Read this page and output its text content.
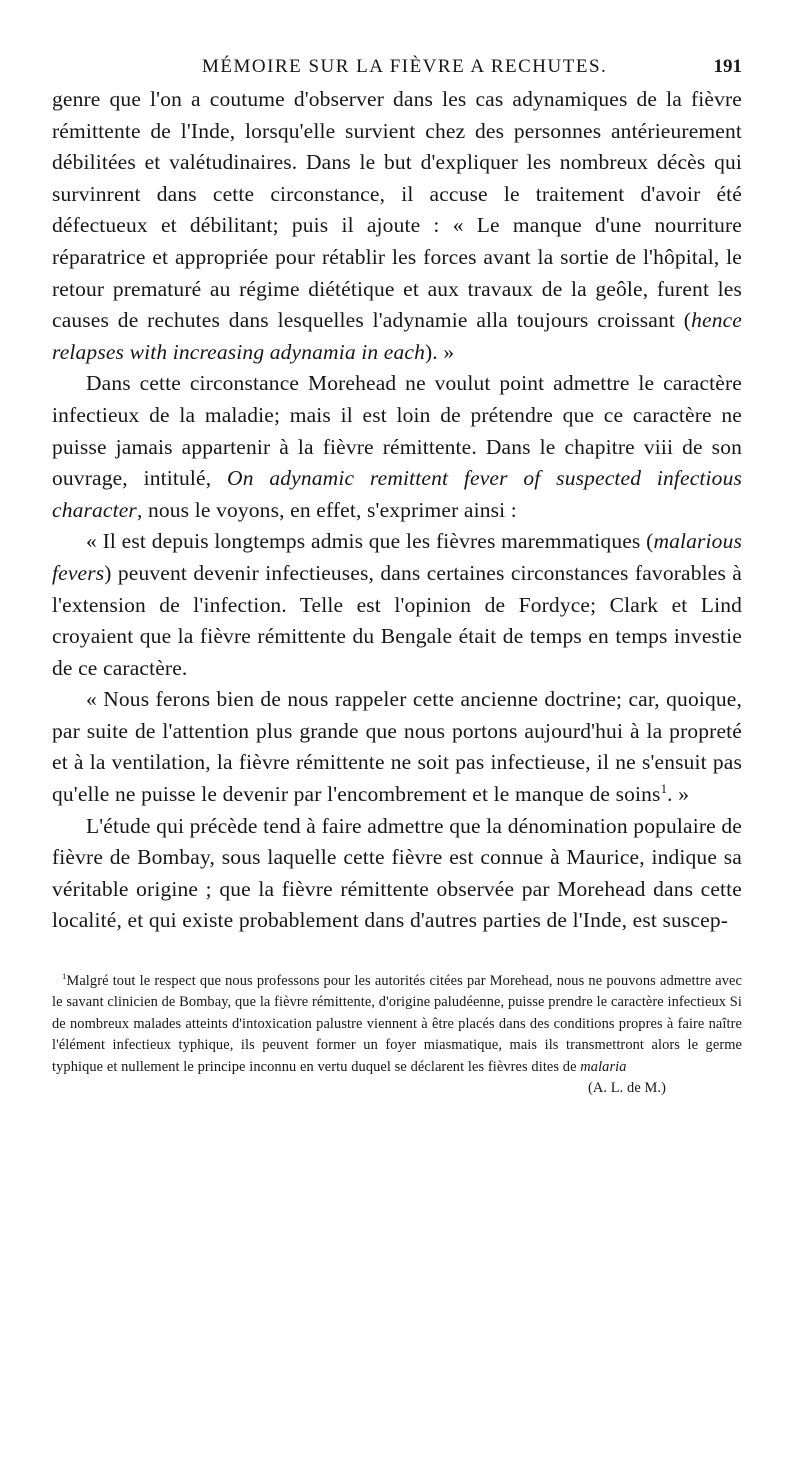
MÉMOIRE SUR LA FIÈVRE A RECHUTES.	191

genre que l'on a coutume d'observer dans les cas adynamiques de la fièvre rémittente de l'Inde, lorsqu'elle survient chez des personnes antérieurement débilitées et valétudinaires. Dans le but d'expliquer les nombreux décès qui survinrent dans cette circonstance, il accuse le traitement d'avoir été défectueux et débilitant; puis il ajoute : « Le manque d'une nourriture réparatrice et appropriée pour rétablir les forces avant la sortie de l'hôpital, le retour prematuré au régime diététique et aux travaux de la geôle, furent les causes de rechutes dans lesquelles l'adynamie alla toujours croissant (hence relapses with increasing adynamia in each). »

Dans cette circonstance Morehead ne voulut point admettre le caractère infectieux de la maladie; mais il est loin de prétendre que ce caractère ne puisse jamais appartenir à la fièvre rémittente. Dans le chapitre viii de son ouvrage, intitulé, On adynamic remittent fever of suspected infectious character, nous le voyons, en effet, s'exprimer ainsi :

« Il est depuis longtemps admis que les fièvres maremmatiques (malarious fevers) peuvent devenir infectieuses, dans certaines circonstances favorables à l'extension de l'infection. Telle est l'opinion de Fordyce; Clark et Lind croyaient que la fièvre rémittente du Bengale était de temps en temps investie de ce caractère.

« Nous ferons bien de nous rappeler cette ancienne doctrine; car, quoique, par suite de l'attention plus grande que nous portons aujourd'hui à la propreté et à la ventilation, la fièvre rémittente ne soit pas infectieuse, il ne s'ensuit pas qu'elle ne puisse le devenir par l'encombrement et le manque de soins$^1$. »

L'étude qui précède tend à faire admettre que la dénomination populaire de fièvre de Bombay, sous laquelle cette fièvre est connue à Maurice, indique sa véritable origine ; que la fièvre rémittente observée par Morehead dans cette localité, et qui existe probablement dans d'autres parties de l'Inde, est suscep-

$^1$Malgré tout le respect que nous professons pour les autorités citées par Morehead, nous ne pouvons admettre avec le savant clinicien de Bombay, que la fièvre rémittente, d'origine paludéenne, puisse prendre le caractère infectieux Si de nombreux malades atteints d'intoxication palustre viennent à être placés dans des conditions propres à faire naître l'élément infectieux typhique, ils peuvent former un foyer miasmatique, mais ils transmettront alors le germe typhique et nullement le principe inconnu en vertu duquel se déclarent les fièvres dites de malaria
(A. L. de M.)
